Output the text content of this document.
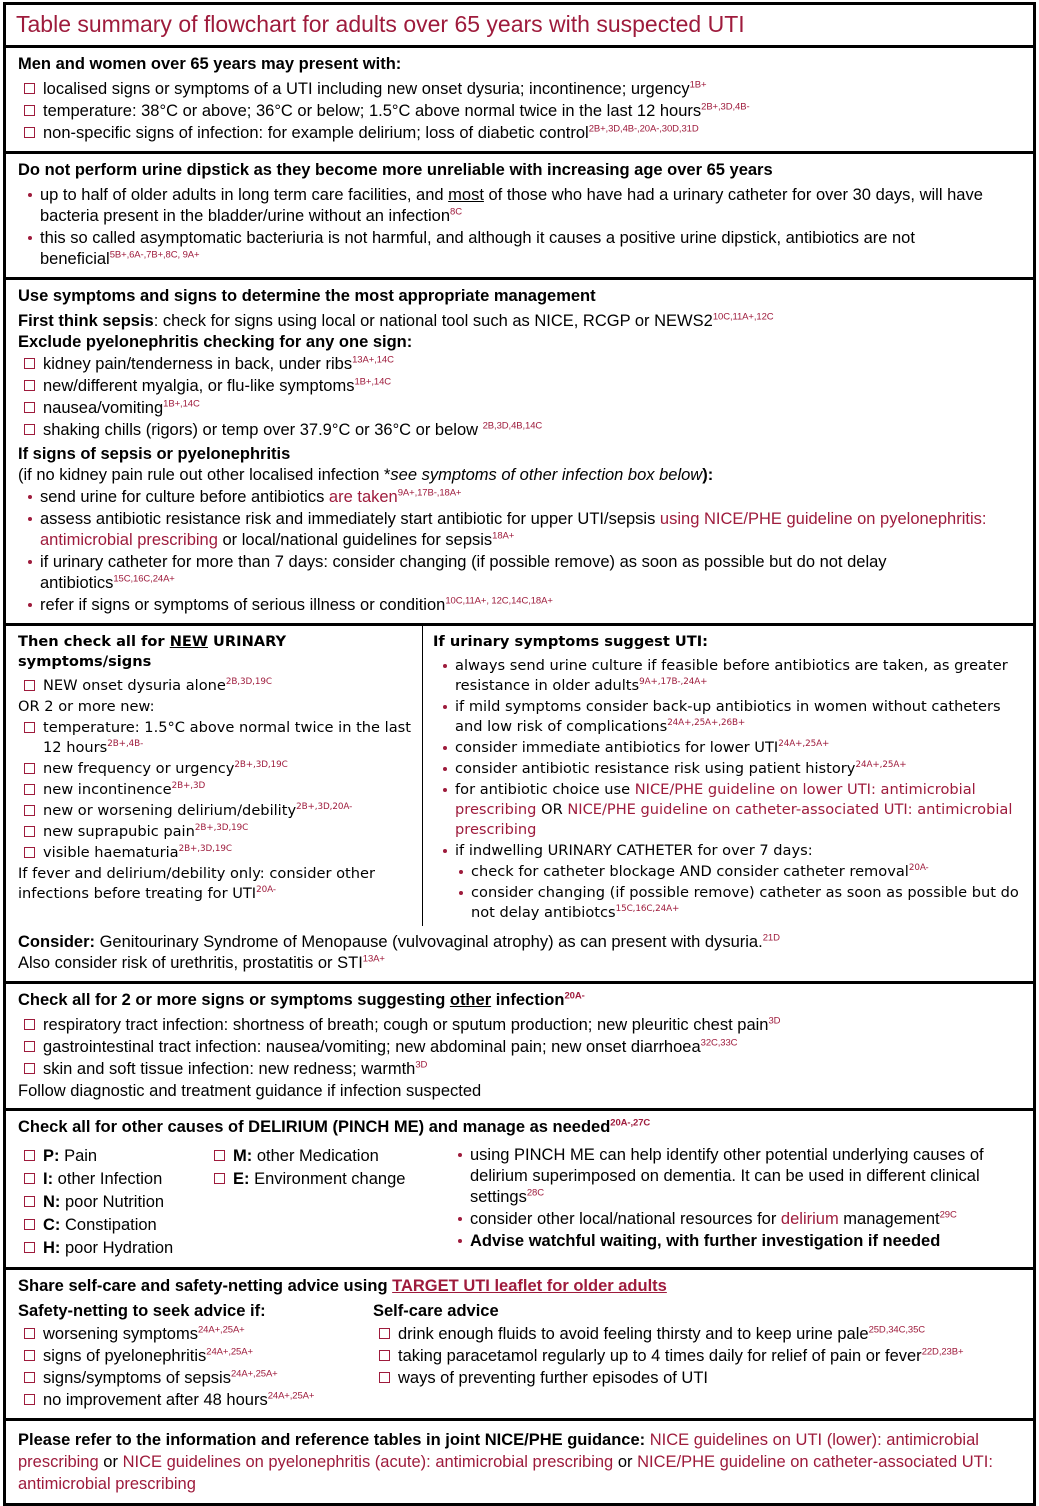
Table summary of flowchart for adults over 65 years with suspected UTI
Men and women over 65 years may present with:
localised signs or symptoms of a UTI including new onset dysuria; incontinence; urgency$^{1B+}$
temperature: 38°C or above; 36°C or below; 1.5°C above normal twice in the last 12 hours$^{2B+,3D,4B-}$
non-specific signs of infection: for example delirium; loss of diabetic control$^{2B+,3D,4B-,20A-,30D,31D}$
Do not perform urine dipstick as they become more unreliable with increasing age over 65 years
up to half of older adults in long term care facilities, and most of those who have had a urinary catheter for over 30 days, will have bacteria present in the bladder/urine without an infection$^{8C}$
this so called asymptomatic bacteriuria is not harmful, and although it causes a positive urine dipstick, antibiotics are not beneficial$^{5B+,6A-,7B+,8C, 9A+}$
Use symptoms and signs to determine the most appropriate management
First think sepsis: check for signs using local or national tool such as NICE, RCGP or $NEWS2^{10C,11A+,12C}$
Exclude pyelonephritis checking for any one sign:
kidney pain/tenderness in back, under ribs$^{13A+,14C}$
new/different myalgia, or flu-like symptoms$^{1B+,14C}$
nausea/vomiting$^{1B+,14C}$
shaking chills (rigors) or temp over 37.9°C or 36°C or below $^{2B,3D,4B,14C}$
If signs of sepsis or pyelonephritis
(if no kidney pain rule out other localised infection *see symptoms of other infection box below):
send urine for culture before antibiotics are taken$^{9A+,17B-,18A+}$
assess antibiotic resistance risk and immediately start antibiotic for upper UTI/sepsis using NICE/PHE guideline on pyelonephritis: antimicrobial prescribing or local/national guidelines for sepsis$^{18A+}$
if urinary catheter for more than 7 days: consider changing (if possible remove) as soon as possible but do not delay antibiotics$^{15C,16C,24A+}$
refer if signs or symptoms of serious illness or condition$^{10C,11A+, 12C,14C,18A+}$
Then check all for NEW URINARY symptoms/signs
NEW onset dysuria alone$^{2B,3D,19C}$
OR 2 or more new:
temperature: 1.5°C above normal twice in the last 12 hours$^{2B+,4B-}$
new frequency or urgency$^{2B+,3D,19C}$
new incontinence$^{2B+,3D}$
new or worsening delirium/debility$^{2B+,3D,20A-}$
new suprapubic pain$^{2B+,3D,19C}$
visible haematuria$^{2B+,3D,19C}$
If fever and delirium/debility only: consider other infections before treating for $UTI^{20A-}$
If urinary symptoms suggest UTI:
always send urine culture if feasible before antibiotics are taken, as greater resistance in older adults$^{9A+,17B-,24A+}$
if mild symptoms consider back-up antibiotics in women without catheters and low risk of complications$^{24A+,25A+,26B+}$
consider immediate antibiotics for lower $UTI^{24A+,25A+}$
consider antibiotic resistance risk using patient history$^{24A+,25A+}$
for antibiotic choice use NICE/PHE guideline on lower UTI: antimicrobial prescribing OR NICE/PHE guideline on catheter-associated UTI: antimicrobial prescribing
if indwelling URINARY CATHETER for over 7 days:
check for catheter blockage AND consider catheter removal$^{20A-}$
consider changing (if possible remove) catheter as soon as possible but do not delay antibiotcs$^{15C,16C,24A+}$
Consider: Genitourinary Syndrome of Menopause (vulvovaginal atrophy) as can present with dysuria.$^{21D}$
Also consider risk of urethritis, prostatitis or $STI^{13A+}$
Check all for 2 or more signs or symptoms suggesting other infection$^{20A-}$
respiratory tract infection: shortness of breath; cough or sputum production; new pleuritic chest pain$^{3D}$
gastrointestinal tract infection: nausea/vomiting; new abdominal pain; new onset diarrhoea$^{32C,33C}$
skin and soft tissue infection: new redness; warmth$^{3D}$
Follow diagnostic and treatment guidance if infection suspected
Check all for other causes of DELIRIUM (PINCH ME) and manage as needed$^{20A-,27C}$
P: Pain
I: other Infection
N: poor Nutrition
C: Constipation
H: poor Hydration
M: other Medication
E: Environment change
using PINCH ME can help identify other potential underlying causes of delirium superimposed on dementia. It can be used in different clinical settings$^{28C}$
consider other local/national resources for delirium management$^{29C}$
Advise watchful waiting, with further investigation if needed
Share self-care and safety-netting advice using TARGET UTI leaflet for older adults
Safety-netting to seek advice if:
worsening symptoms$^{24A+,25A+}$
signs of pyelonephritis$^{24A+,25A+}$
signs/symptoms of sepsis$^{24A+,25A+}$
no improvement after 48 hours$^{24A+,25A+}$
Self-care advice
drink enough fluids to avoid feeling thirsty and to keep urine pale$^{25D,34C,35C}$
taking paracetamol regularly up to 4 times daily for relief of pain or fever$^{22D,23B+}$
ways of preventing further episodes of UTI
Please refer to the information and reference tables in joint NICE/PHE guidance: NICE guidelines on UTI (lower): antimicrobial prescribing or NICE guidelines on pyelonephritis (acute): antimicrobial prescribing or NICE/PHE guideline on catheter-associated UTI: antimicrobial prescribing
